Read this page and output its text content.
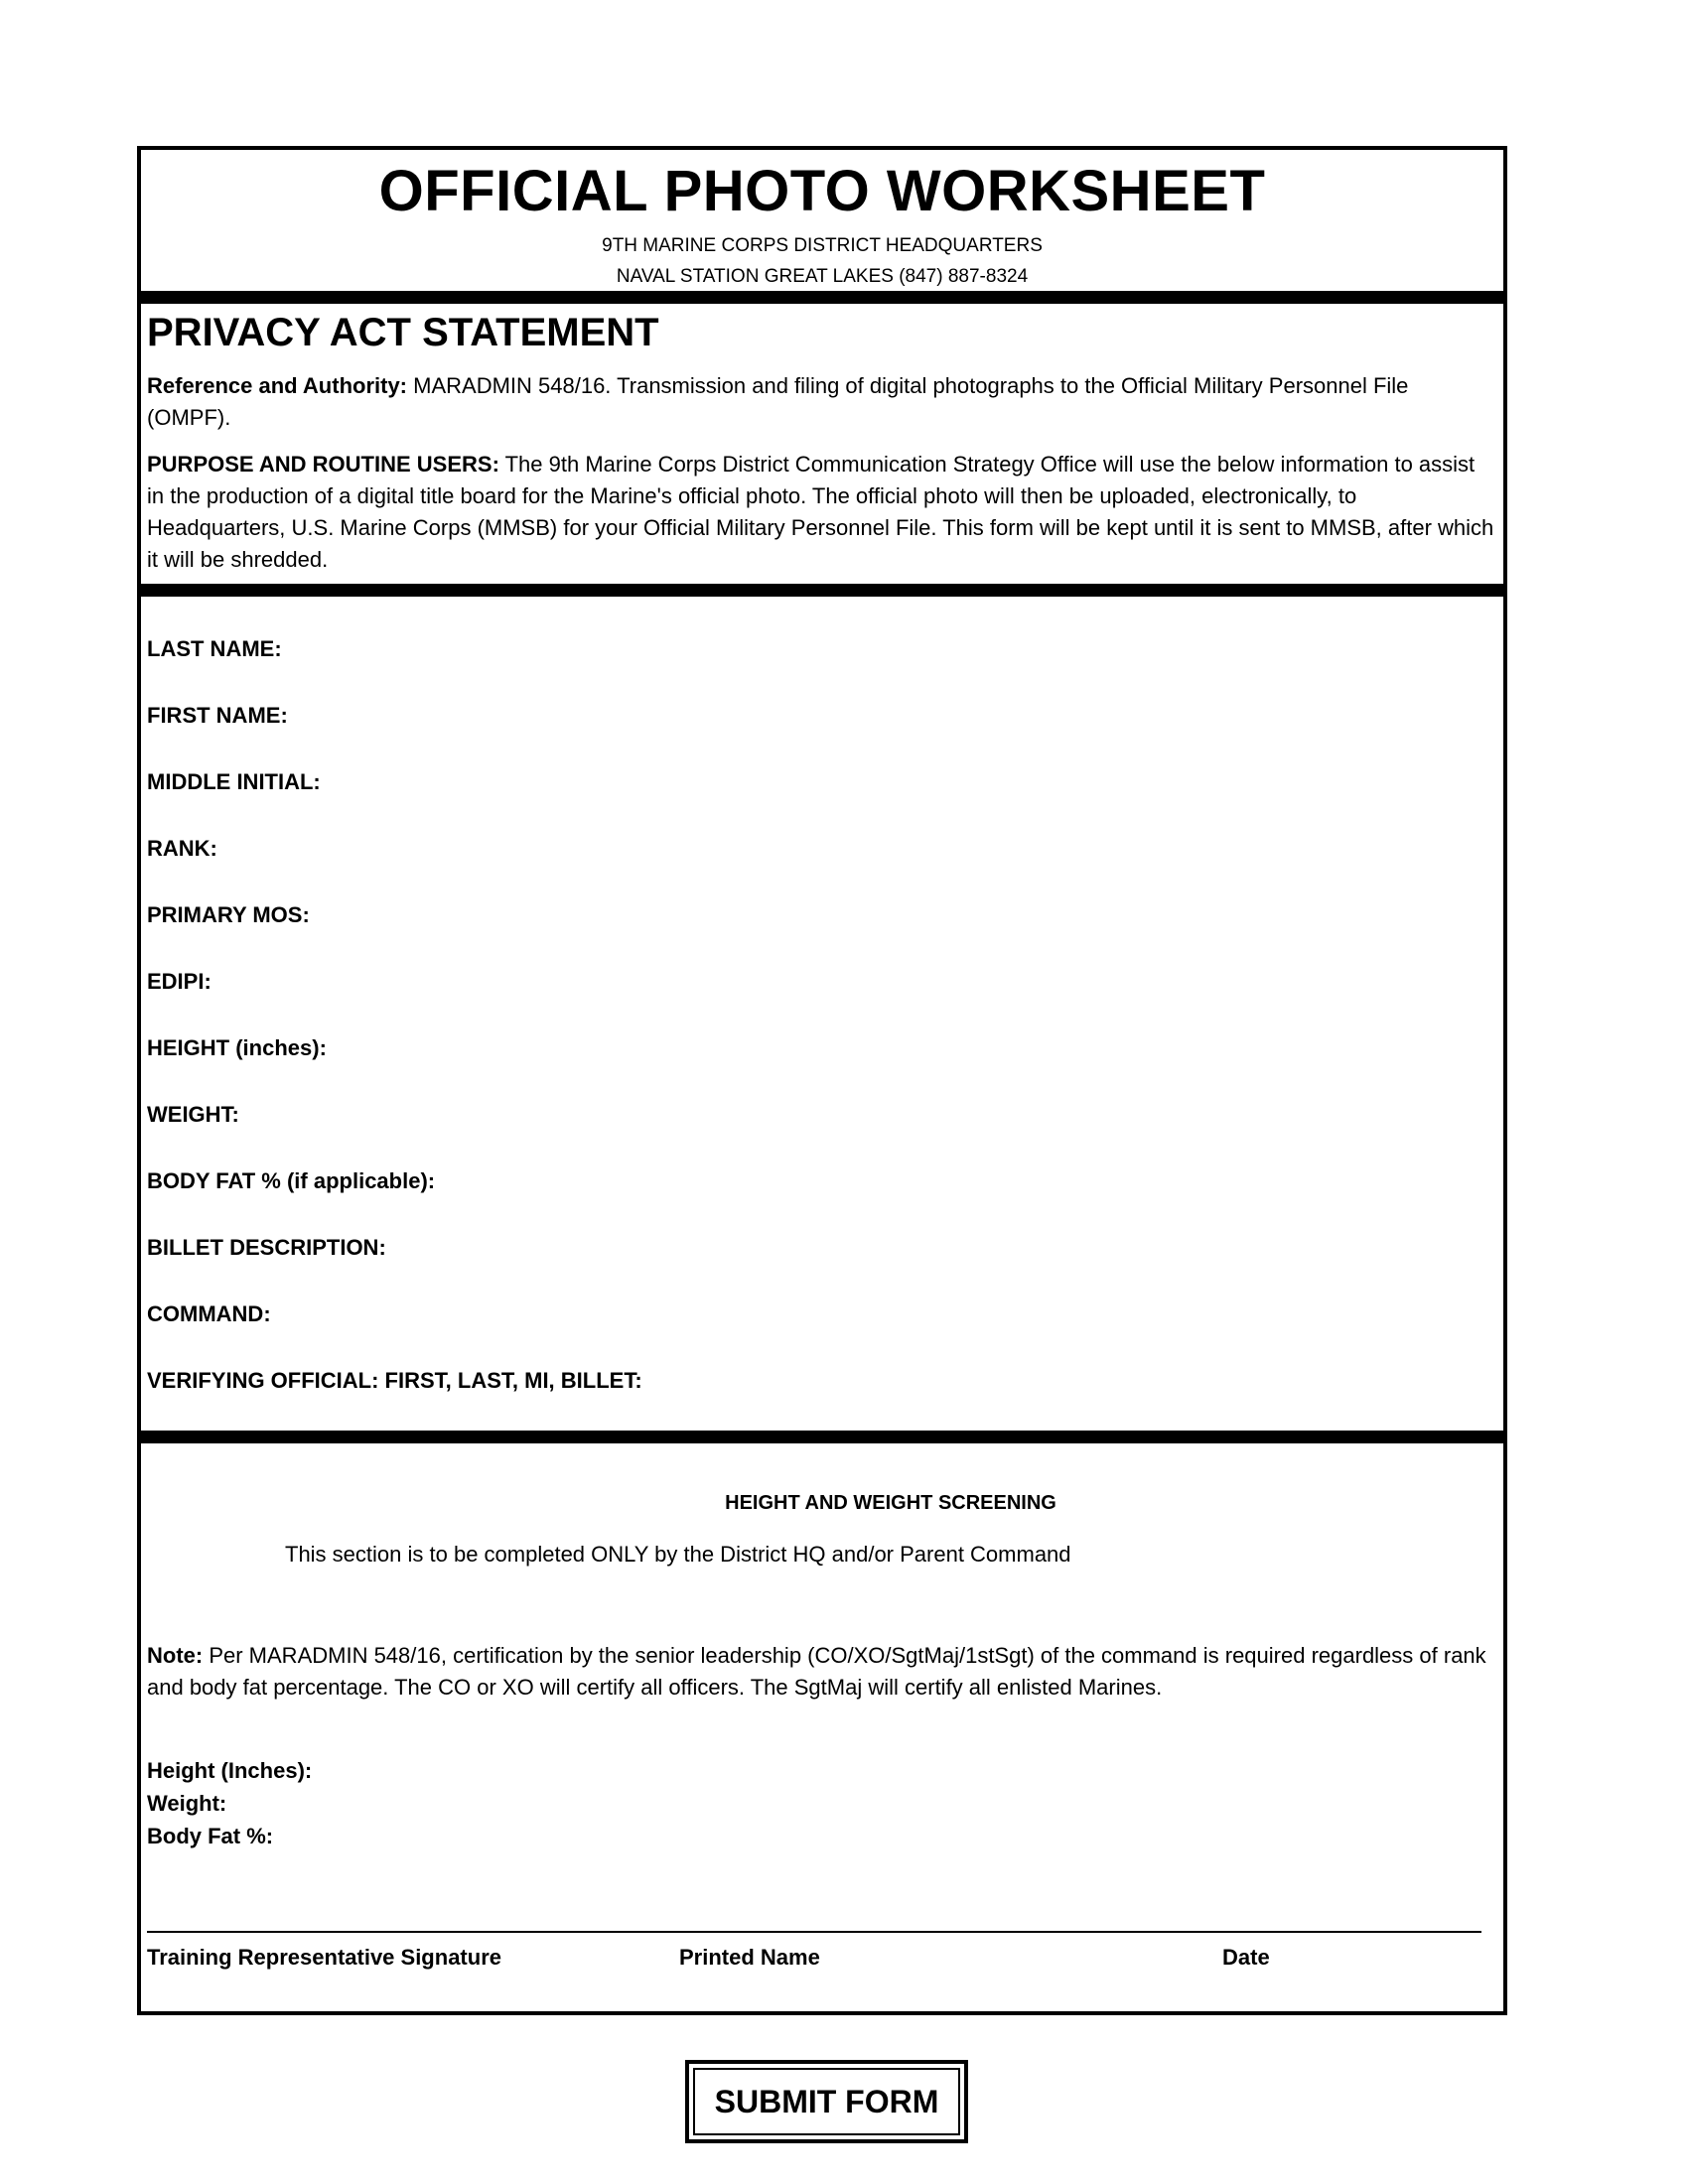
OFFICIAL PHOTO WORKSHEET
9TH MARINE CORPS DISTRICT HEADQUARTERS
NAVAL STATION GREAT LAKES (847) 887-8324
PRIVACY ACT STATEMENT
Reference and Authority: MARADMIN 548/16. Transmission and filing of digital photographs to the Official Military Personnel File (OMPF).
PURPOSE AND ROUTINE USERS: The 9th Marine Corps District Communication Strategy Office will use the below information to assist in the production of a digital title board for the Marine's official photo. The official photo will then be uploaded, electronically, to Headquarters, U.S. Marine Corps (MMSB) for your Official Military Personnel File. This form will be kept until it is sent to MMSB, after which it will be shredded.
LAST NAME:
FIRST NAME:
MIDDLE INITIAL:
RANK:
PRIMARY MOS:
EDIPI:
HEIGHT (inches):
WEIGHT:
BODY FAT % (if applicable):
BILLET DESCRIPTION:
COMMAND:
VERIFYING OFFICIAL: FIRST, LAST, MI, BILLET:
HEIGHT AND WEIGHT SCREENING
This section is to be completed ONLY by the District HQ and/or Parent Command
Note: Per MARADMIN 548/16, certification by the senior leadership (CO/XO/SgtMaj/1stSgt) of the command is required regardless of rank and body fat percentage. The CO or XO will certify all officers. The SgtMaj will certify all enlisted Marines.
Height (Inches):
Weight:
Body Fat %:
Training Representative Signature	Printed Name	Date
SUBMIT FORM
